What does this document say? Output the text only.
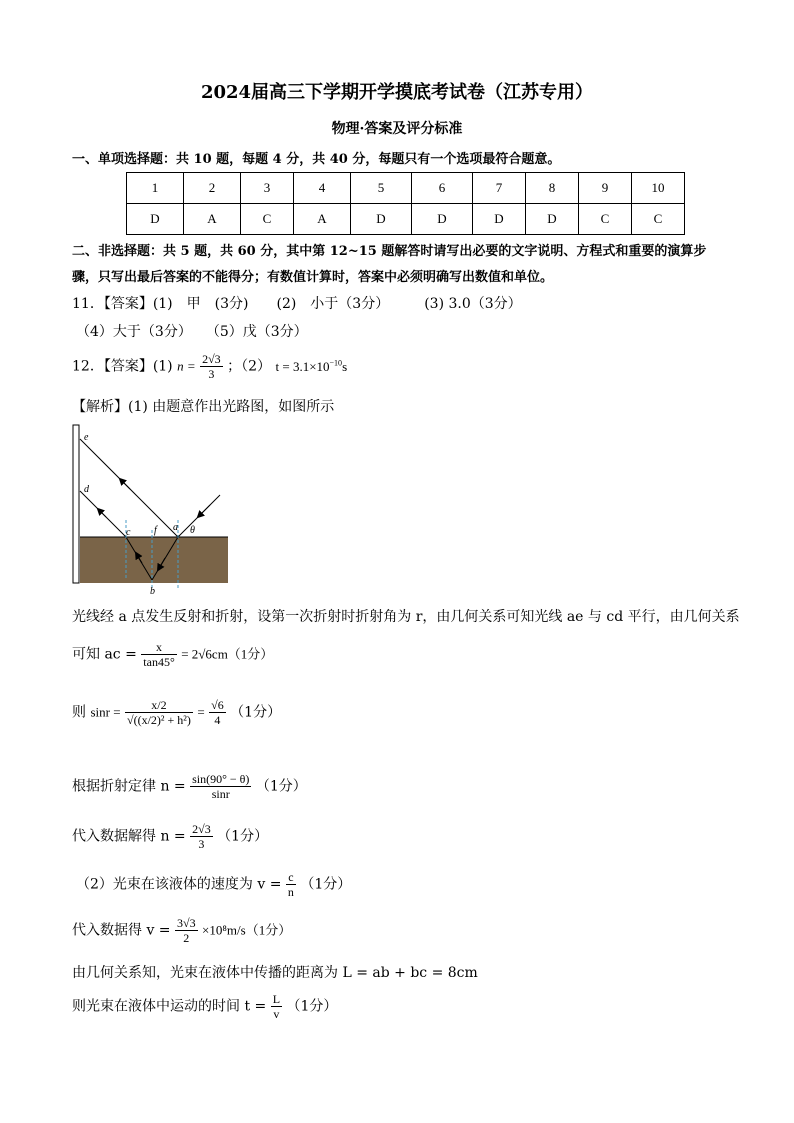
2024届高三下学期开学摸底考试卷（江苏专用）
物理·答案及评分标准
一、单项选择题：共 10 题，每题 4 分，共 40 分，每题只有一个选项最符合题意。
1	2	3	4	5	6	7	8	9	10
D	A	C	A	D	D	D	D	C	C
二、非选择题：共 5 题，共 60 分，其中第 12~15 题解答时请写出必要的文字说明、方程式和重要的演算步
骤，只写出最后答案的不能得分；有数值计算时，答案中必须明确写出数值和单位。
11．【答案】(1)　甲　(3分)　　(2)　小于（3分）　　　(3) 3.0（3分）
（4）大于（3分）　　（5）戊（3分）
12．【答案】(1) $n = \frac{2√3}{3}$ ；（2） $t = 3.1\times 10^{-10}s$
【解析】(1) 由题意作出光路图，如图所示
e
d
c f a θ
b
光线经 a 点发生反射和折射，设第一次折射时折射角为 r，由几何关系可知光线 ae 与 cd 平行，由几何关系
可知 ac = $\frac{x}{\tan 45^\circ} = 2√6cm(1$分）
则 $\sin r = \frac{x/2}{\text{√((x/2)² + h²)}} = \frac{√6}{4} (1$分）
根据折射定律 $n = \frac{\sin(90^\circ - \theta)}{\sin r} (1$分）
代入数据解得 $n = \frac{2√3}{3} (1$分）
（2）光束在该液体的速度为 $v = \frac{c}{n} (1$分）
代入数据得 $v = \frac{3√3}{2} \times 10^8m/s(1$分）
由几何关系知，光束在液体中传播的距离为 L = ab + bc = 8cm
则光束在液体中运动的时间 $t = \frac{L}{v} (1$分）
